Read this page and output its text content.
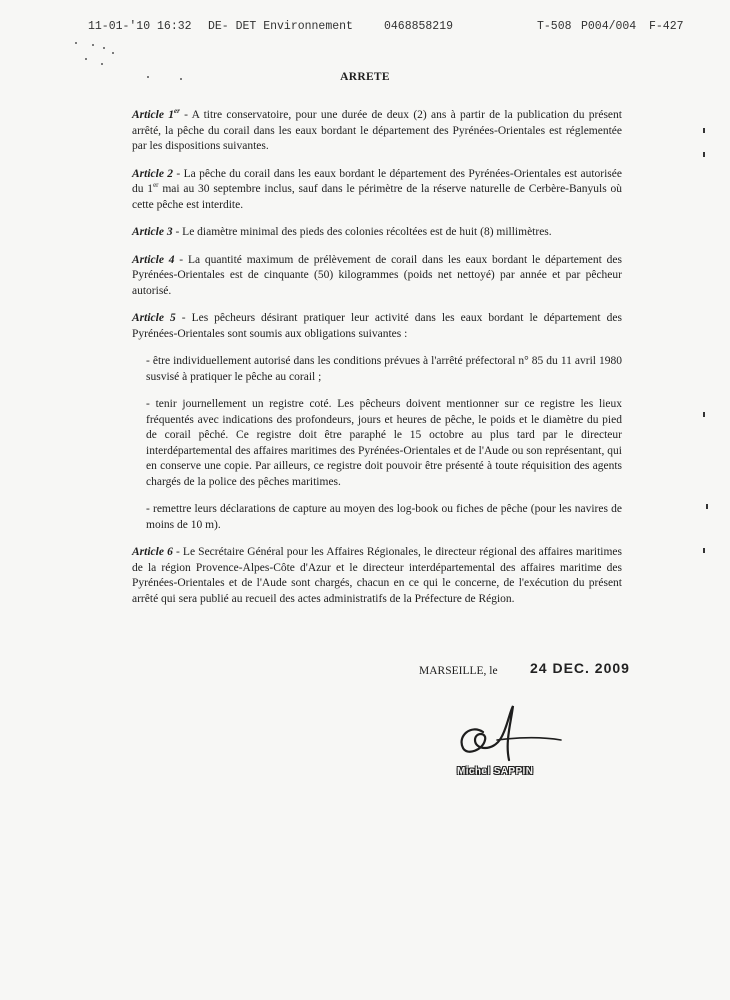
11-01-'10 16:32 DE- DET Environnement	0468858219	T-508 P004/004 F-427
ARRETE

Article 1er - A titre conservatoire, pour une durée de deux (2) ans à partir de la publication du présent arrêté, la pêche du corail dans les eaux bordant le département des Pyrénées-Orientales est réglementée par les dispositions suivantes.

Article 2 - La pêche du corail dans les eaux bordant le département des Pyrénées-Orientales est autorisée du 1er mai au 30 septembre inclus, sauf dans le périmètre de la réserve naturelle de Cerbère-Banyuls où cette pêche est interdite.

Article 3 - Le diamètre minimal des pieds des colonies récoltées est de huit (8) millimètres.

Article 4 - La quantité maximum de prélèvement de corail dans les eaux bordant le département des Pyrénées-Orientales est de cinquante (50) kilogrammes (poids net nettoyé) par année et par pêcheur autorisé.

Article 5 - Les pêcheurs désirant pratiquer leur activité dans les eaux bordant le département des Pyrénées-Orientales sont soumis aux obligations suivantes :

- être individuellement autorisé dans les conditions prévues à l'arrêté préfectoral n° 85 du 11 avril 1980 susvisé à pratiquer le pêche au corail ;

- tenir journellement un registre coté. Les pêcheurs doivent mentionner sur ce registre les lieux fréquentés avec indications des profondeurs, jours et heures de pêche, le poids et le diamètre du pied de corail pêché. Ce registre doit être paraphé le 15 octobre au plus tard par le directeur interdépartemental des affaires maritimes des Pyrénées-Orientales et de l'Aude ou son représentant, qui en conserve une copie. Par ailleurs, ce registre doit pouvoir être présenté à toute réquisition des agents chargés de la police des pêches maritimes.

- remettre leurs déclarations de capture au moyen des log-book ou fiches de pêche (pour les navires de moins de 10 m).

Article 6 - Le Secrétaire Général pour les Affaires Régionales, le directeur régional des affaires maritimes de la région Provence-Alpes-Côte d'Azur et le directeur interdépartemental des affaires maritime des Pyrénées-Orientales et de l'Aude sont chargés, chacun en ce qui le concerne, de l'exécution du présent arrêté qui sera publié au recueil des actes administratifs de la Préfecture de Région.

MARSEILLE, le 24 DEC. 2009
Michel SAPPIN
